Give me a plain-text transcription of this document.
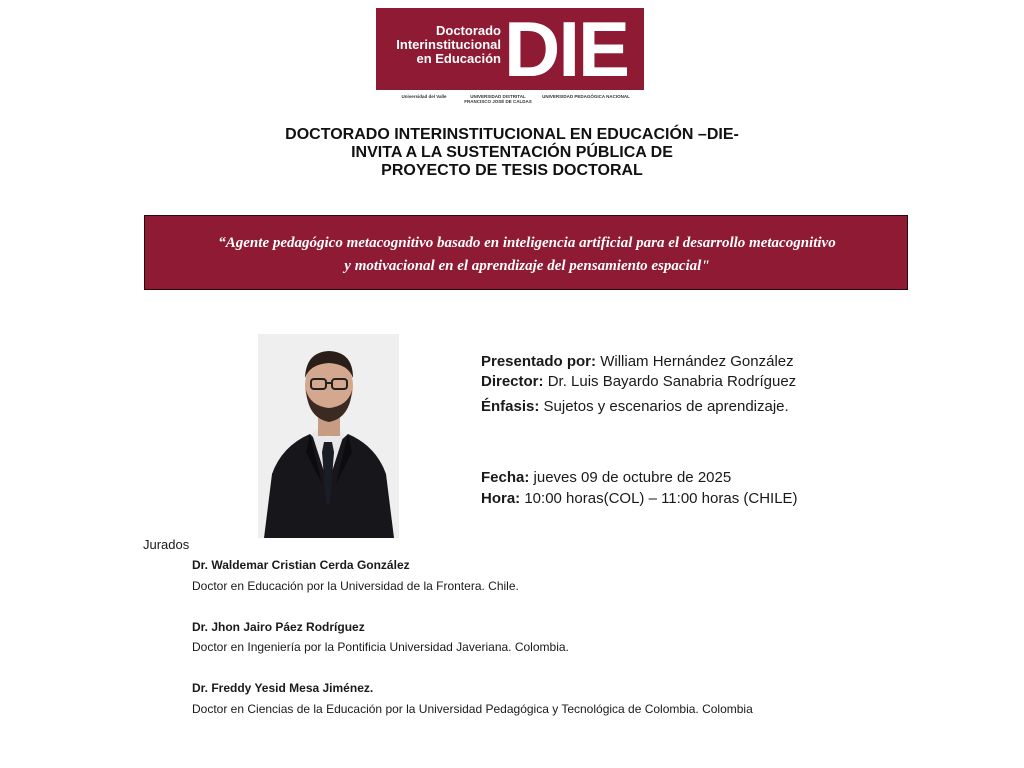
Doctorado
Interinstitucional
en Educación DIE
Universidad del Valle	UNIVERSIDAD DISTRITAL FRANCISCO JOSÉ DE CALDAS
UNIVERSIDAD PEDAGÓGICA NACIONAL
DOCTORADO INTERINSTITUCIONAL EN EDUCACIÓN –DIE-
INVITA A LA SUSTENTACIÓN PÚBLICA DE
PROYECTO DE TESIS DOCTORAL
“Agente pedagógico metacognitivo basado en inteligencia artificial para el desarrollo metacognitivo
y motivacional en el aprendizaje del pensamiento espacial"
Presentado por: William Hernández González
Director: Dr. Luis Bayardo Sanabria Rodríguez
Énfasis: Sujetos y escenarios de aprendizaje.
Fecha: jueves 09 de octubre de 2025
Hora: 10:00 horas(COL) – 11:00 horas (CHILE)
Jurados
Dr. Waldemar Cristian Cerda González
Doctor en Educación por la Universidad de la Frontera. Chile.
Dr. Jhon Jairo Páez Rodríguez
Doctor en Ingeniería por la Pontificia Universidad Javeriana. Colombia.
Dr. Freddy Yesid Mesa Jiménez.
Doctor en Ciencias de la Educación por la Universidad Pedagógica y Tecnológica de Colombia. Colombia
